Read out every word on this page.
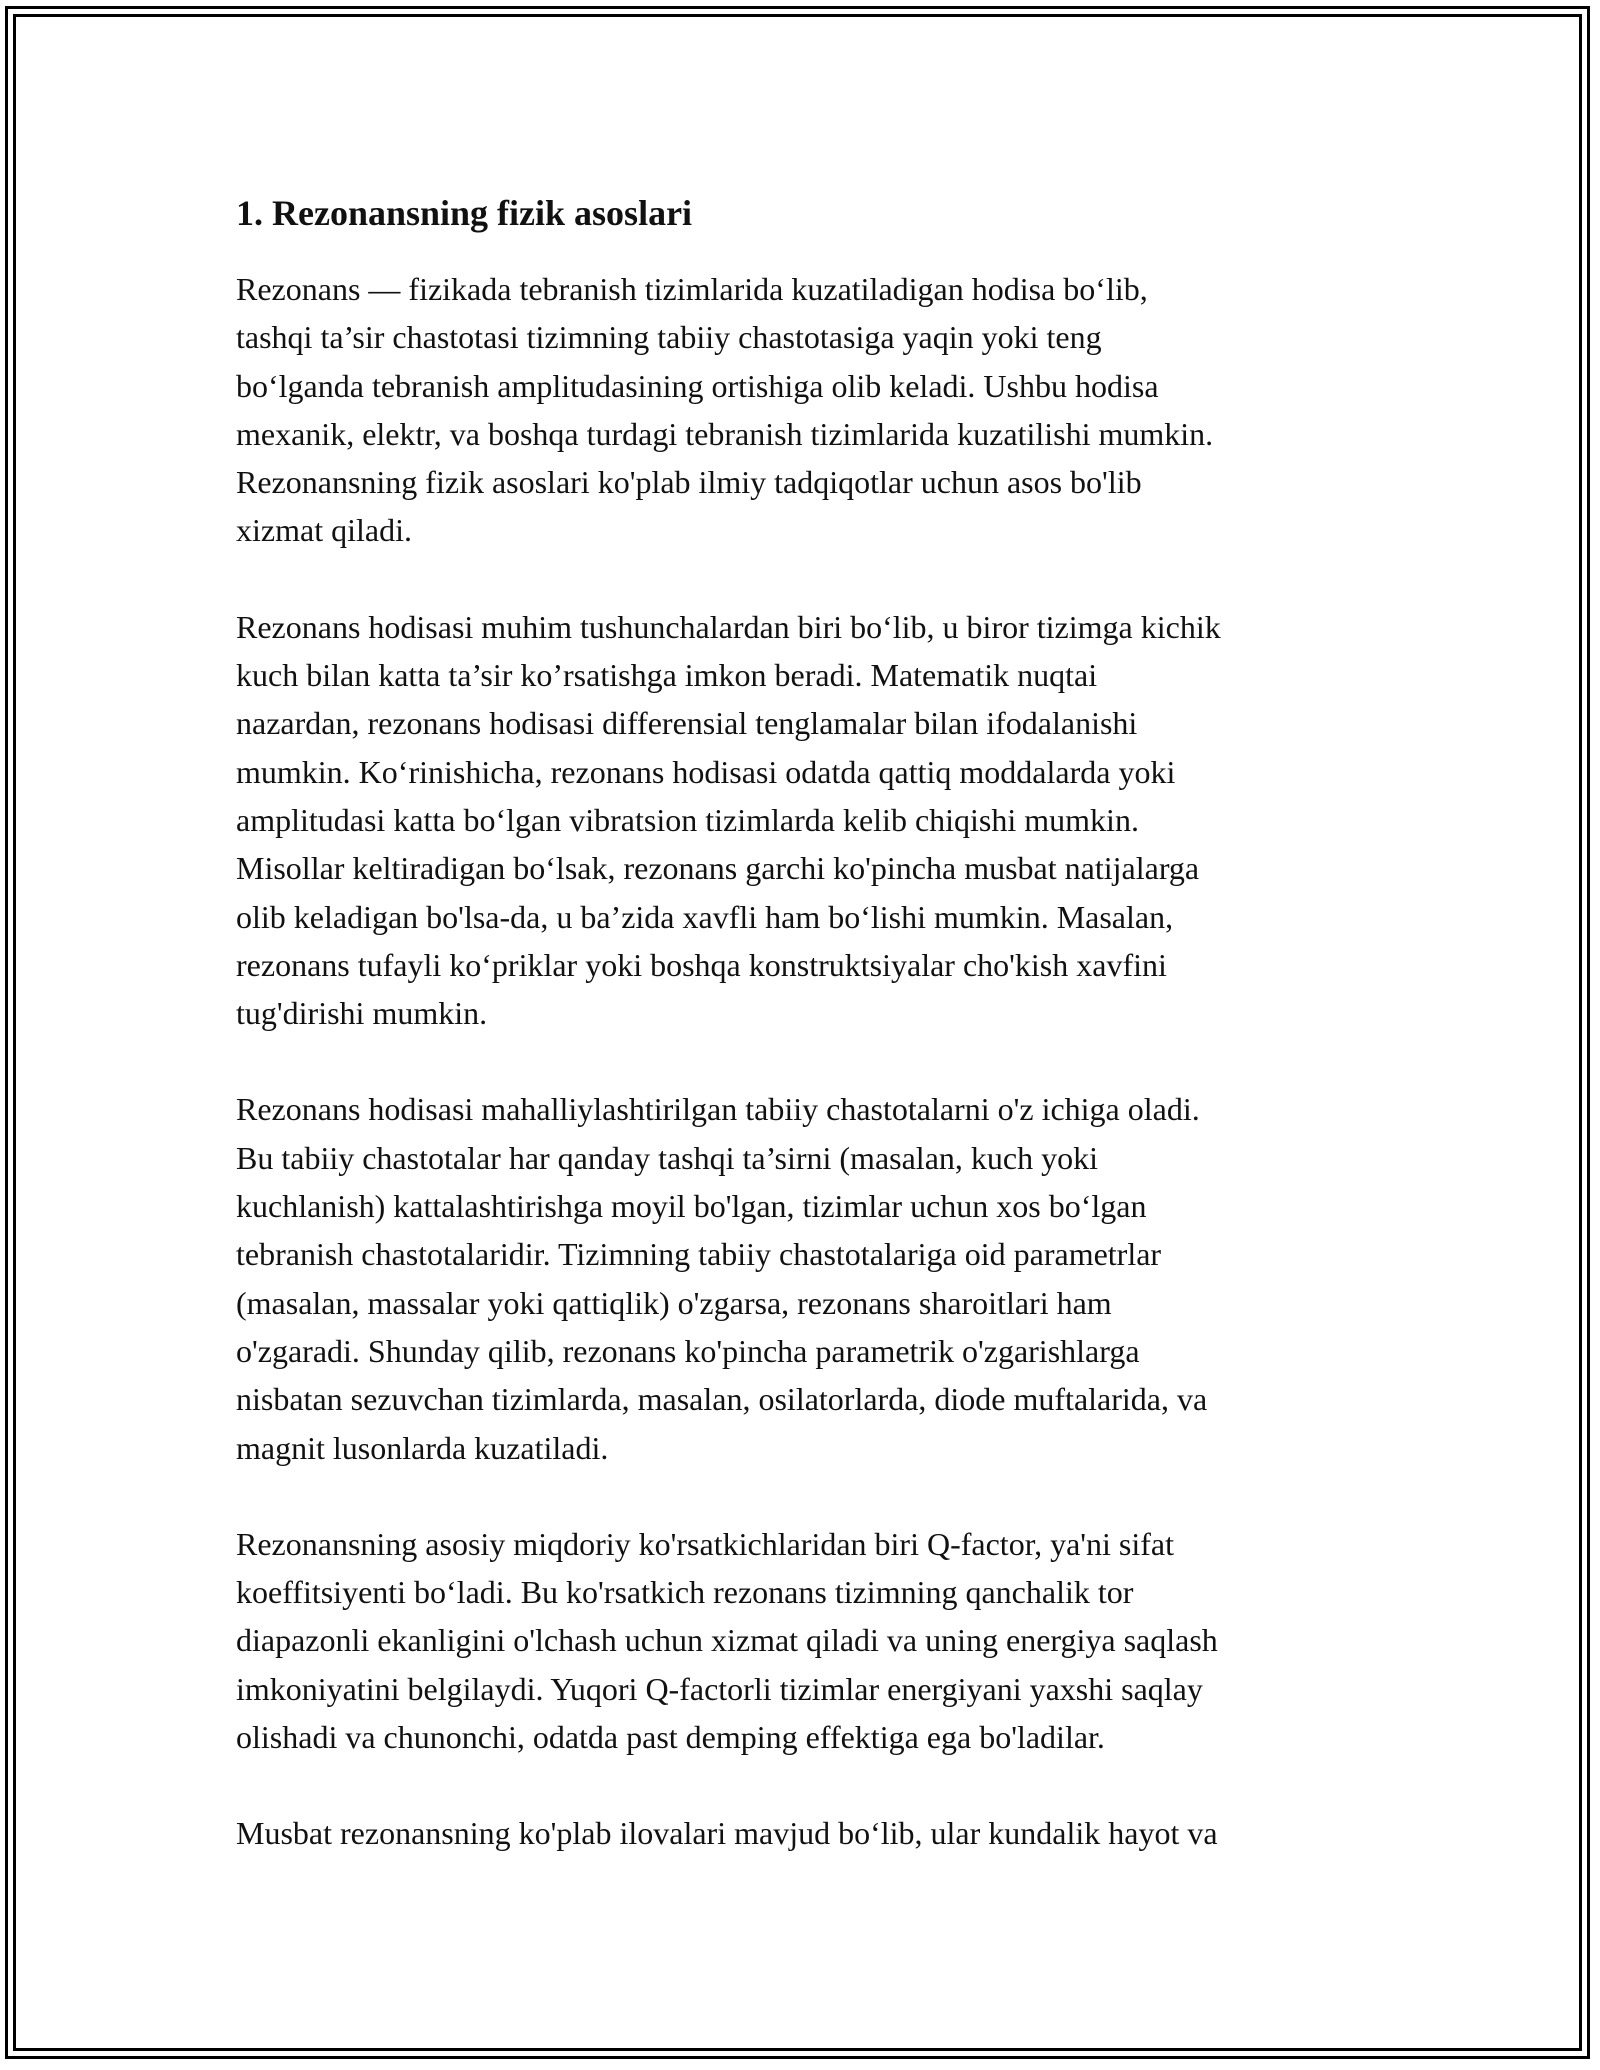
1. Rezonansning fizik asoslari

Rezonans — fizikada tebranish tizimlarida kuzatiladigan hodisa bo‘lib,
tashqi ta’sir chastotasi tizimning tabiiy chastotasiga yaqin yoki teng
bo‘lganda tebranish amplitudasining ortishiga olib keladi. Ushbu hodisa
mexanik, elektr, va boshqa turdagi tebranish tizimlarida kuzatilishi mumkin.
Rezonansning fizik asoslari ko'plab ilmiy tadqiqotlar uchun asos bo'lib
xizmat qiladi.

Rezonans hodisasi muhim tushunchalardan biri bo‘lib, u biror tizimga kichik
kuch bilan katta ta’sir ko’rsatishga imkon beradi. Matematik nuqtai
nazardan, rezonans hodisasi differensial tenglamalar bilan ifodalanishi
mumkin. Ko‘rinishicha, rezonans hodisasi odatda qattiq moddalarda yoki
amplitudasi katta bo‘lgan vibratsion tizimlarda kelib chiqishi mumkin.
Misollar keltiradigan bo‘lsak, rezonans garchi ko'pincha musbat natijalarga
olib keladigan bo'lsa-da, u ba’zida xavfli ham bo‘lishi mumkin. Masalan,
rezonans tufayli ko‘priklar yoki boshqa konstruktsiyalar cho'kish xavfini
tug'dirishi mumkin.

Rezonans hodisasi mahalliylashtirilgan tabiiy chastotalarni o'z ichiga oladi.
Bu tabiiy chastotalar har qanday tashqi ta’sirni (masalan, kuch yoki
kuchlanish) kattalashtirishga moyil bo'lgan, tizimlar uchun xos bo‘lgan
tebranish chastotalaridir. Tizimning tabiiy chastotalariga oid parametrlar
(masalan, massalar yoki qattiqlik) o'zgarsa, rezonans sharoitlari ham
o'zgaradi. Shunday qilib, rezonans ko'pincha parametrik o'zgarishlarga
nisbatan sezuvchan tizimlarda, masalan, osilatorlarda, diode muftalarida, va
magnit lusonlarda kuzatiladi.

Rezonansning asosiy miqdoriy ko'rsatkichlaridan biri Q-factor, ya'ni sifat
koeffitsiyenti bo‘ladi. Bu ko'rsatkich rezonans tizimning qanchalik tor
diapazonli ekanligini o'lchash uchun xizmat qiladi va uning energiya saqlash
imkoniyatini belgilaydi. Yuqori Q-factorli tizimlar energiyani yaxshi saqlay
olishadi va chunonchi, odatda past demping effektiga ega bo'ladilar.

Musbat rezonansning ko'plab ilovalari mavjud bo‘lib, ular kundalik hayot va
